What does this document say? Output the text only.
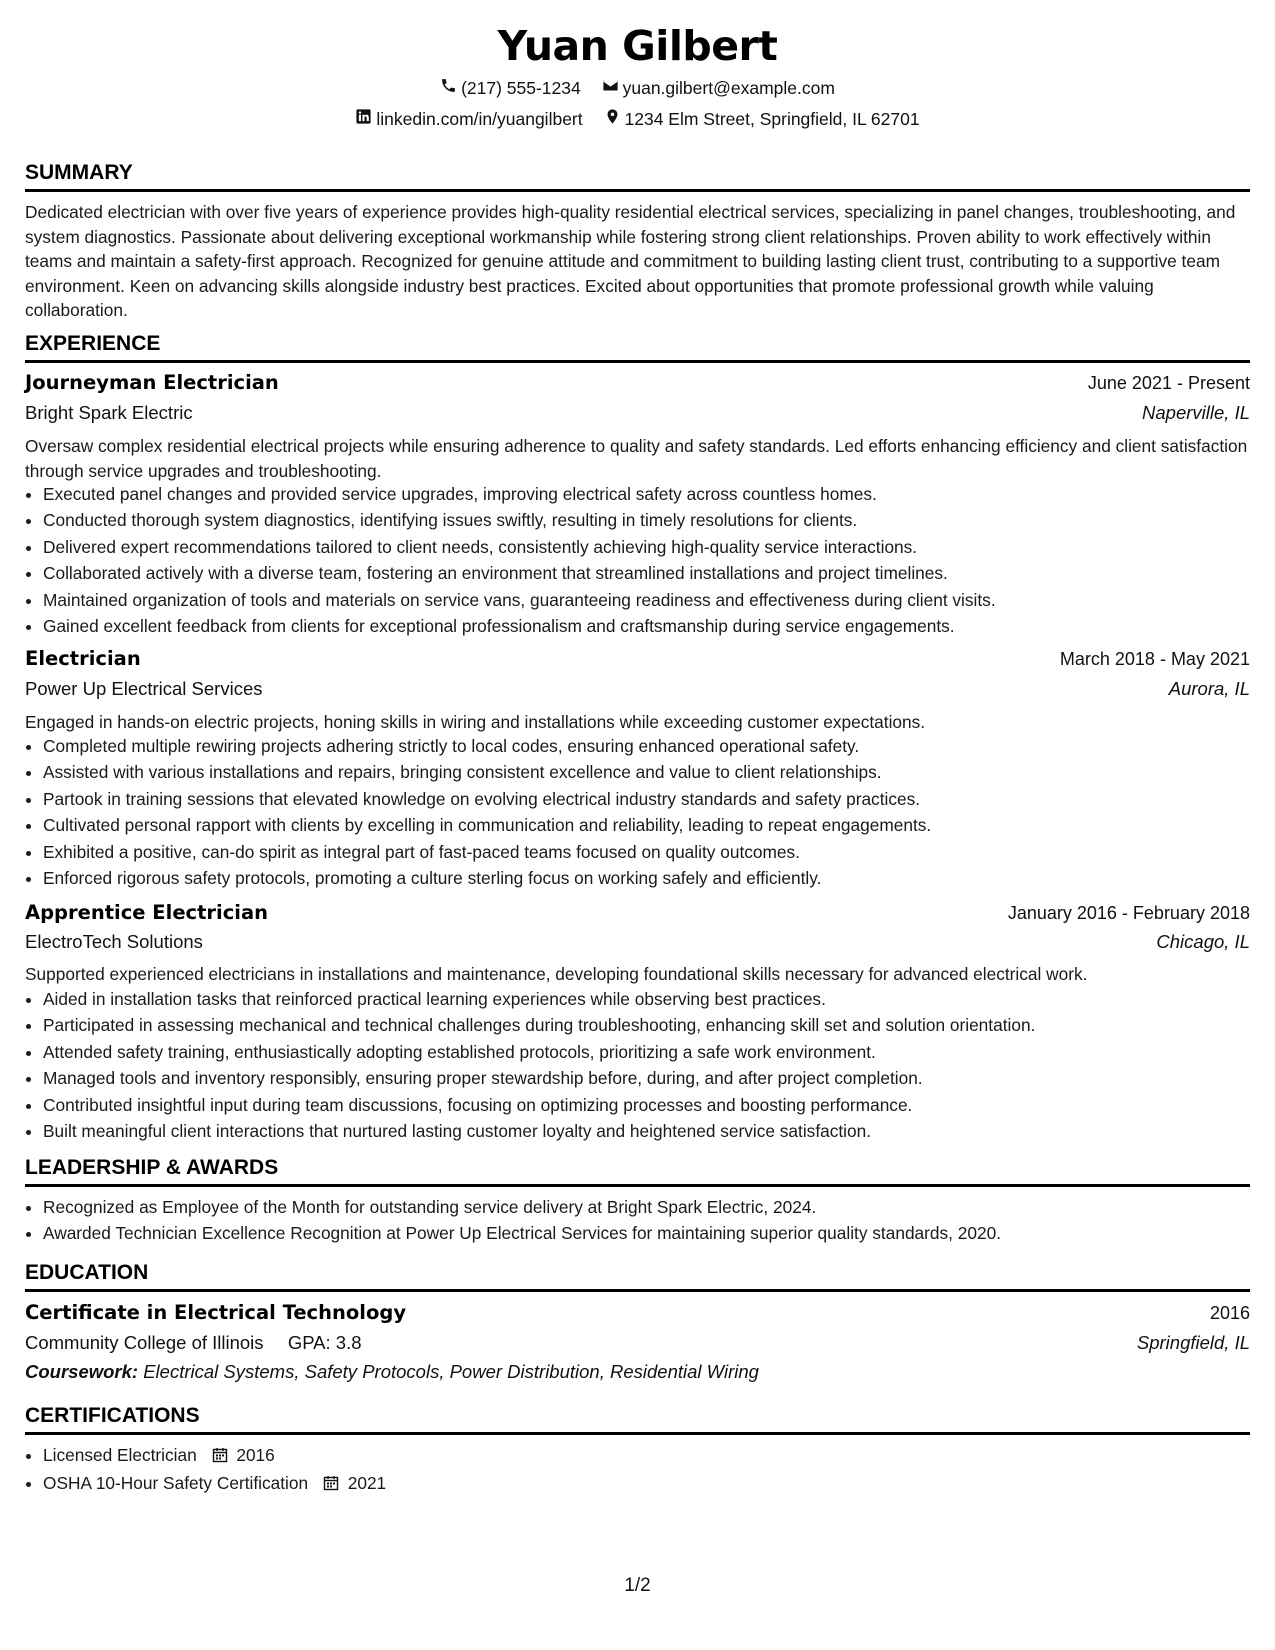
Yuan Gilbert
(217) 555-1234
yuan.gilbert@example.com
linkedin.com/in/yuangilbert
1234 Elm Street, Springfield, IL 62701
SUMMARY
Dedicated electrician with over five years of experience provides high-quality residential electrical services, specializing in panel changes, troubleshooting, and system diagnostics. Passionate about delivering exceptional workmanship while fostering strong client relationships. Proven ability to work effectively within teams and maintain a safety-first approach. Recognized for genuine attitude and commitment to building lasting client trust, contributing to a supportive team environment. Keen on advancing skills alongside industry best practices. Excited about opportunities that promote professional growth while valuing collaboration.
EXPERIENCE
Journeyman Electrician	June 2021 - Present
Bright Spark Electric	Naperville, IL
Oversaw complex residential electrical projects while ensuring adherence to quality and safety standards. Led efforts enhancing efficiency and client satisfaction through service upgrades and troubleshooting.
• Executed panel changes and provided service upgrades, improving electrical safety across countless homes.
• Conducted thorough system diagnostics, identifying issues swiftly, resulting in timely resolutions for clients.
• Delivered expert recommendations tailored to client needs, consistently achieving high-quality service interactions.
• Collaborated actively with a diverse team, fostering an environment that streamlined installations and project timelines.
• Maintained organization of tools and materials on service vans, guaranteeing readiness and effectiveness during client visits.
• Gained excellent feedback from clients for exceptional professionalism and craftsmanship during service engagements.
Electrician	March 2018 - May 2021
Power Up Electrical Services	Aurora, IL
Engaged in hands-on electric projects, honing skills in wiring and installations while exceeding customer expectations.
• Completed multiple rewiring projects adhering strictly to local codes, ensuring enhanced operational safety.
• Assisted with various installations and repairs, bringing consistent excellence and value to client relationships.
• Partook in training sessions that elevated knowledge on evolving electrical industry standards and safety practices.
• Cultivated personal rapport with clients by excelling in communication and reliability, leading to repeat engagements.
• Exhibited a positive, can-do spirit as integral part of fast-paced teams focused on quality outcomes.
• Enforced rigorous safety protocols, promoting a culture sterling focus on working safely and efficiently.
Apprentice Electrician	January 2016 - February 2018
ElectroTech Solutions	Chicago, IL
Supported experienced electricians in installations and maintenance, developing foundational skills necessary for advanced electrical work.
• Aided in installation tasks that reinforced practical learning experiences while observing best practices.
• Participated in assessing mechanical and technical challenges during troubleshooting, enhancing skill set and solution orientation.
• Attended safety training, enthusiastically adopting established protocols, prioritizing a safe work environment.
• Managed tools and inventory responsibly, ensuring proper stewardship before, during, and after project completion.
• Contributed insightful input during team discussions, focusing on optimizing processes and boosting performance.
• Built meaningful client interactions that nurtured lasting customer loyalty and heightened service satisfaction.
LEADERSHIP & AWARDS
• Recognized as Employee of the Month for outstanding service delivery at Bright Spark Electric, 2024.
• Awarded Technician Excellence Recognition at Power Up Electrical Services for maintaining superior quality standards, 2020.
EDUCATION
Certificate in Electrical Technology	2016
Community College of Illinois GPA: 3.8	Springfield, IL
Coursework: Electrical Systems, Safety Protocols, Power Distribution, Residential Wiring
CERTIFICATIONS
• Licensed Electrician 2016
• OSHA 10-Hour Safety Certification 2021
1/2
